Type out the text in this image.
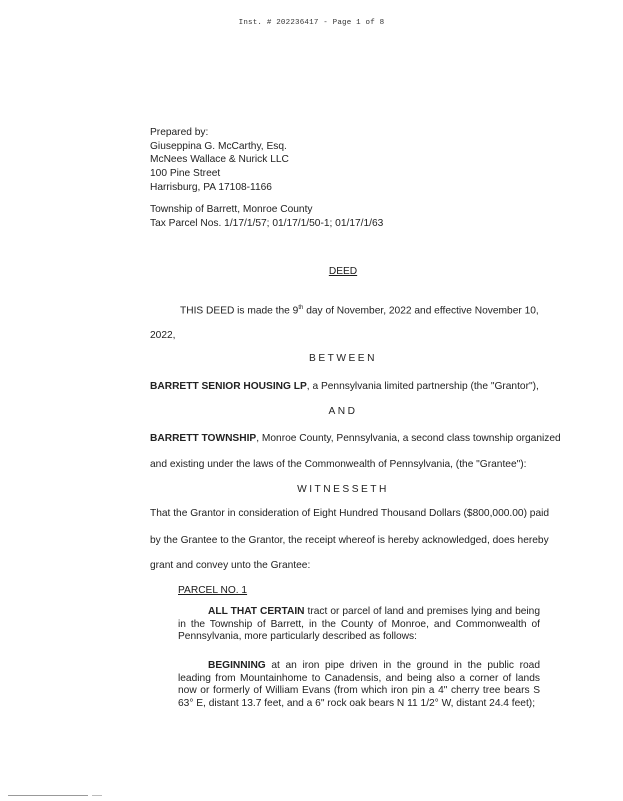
Inst. # 202236417 - Page 1 of 8
Prepared by:
Giuseppina G. McCarthy, Esq.
McNees Wallace & Nurick LLC
100 Pine Street
Harrisburg, PA 17108-1166
Township of Barrett, Monroe County
Tax Parcel Nos. 1/17/1/57; 01/17/1/50-1; 01/17/1/63
DEED
THIS DEED is made the 9th day of November, 2022 and effective November 10,
2022,
BETWEEN
BARRETT SENIOR HOUSING LP, a Pennsylvania limited partnership (the "Grantor"),
AND
BARRETT TOWNSHIP, Monroe County, Pennsylvania, a second class township organized
and existing under the laws of the Commonwealth of Pennsylvania, (the "Grantee"):
WITNESSETH
That the Grantor in consideration of Eight Hundred Thousand Dollars ($800,000.00) paid
by the Grantee to the Grantor, the receipt whereof is hereby acknowledged, does hereby
grant and convey unto the Grantee:
PARCEL NO. 1
ALL THAT CERTAIN tract or parcel of land and premises lying and being in the Township of Barrett, in the County of Monroe, and Commonwealth of Pennsylvania, more particularly described as follows:
BEGINNING at an iron pipe driven in the ground in the public road leading from Mountainhome to Canadensis, and being also a corner of lands now or formerly of William Evans (from which iron pin a 4" cherry tree bears S 63° E, distant 13.7 feet, and a 6" rock oak bears N 11 1/2° W, distant 24.4 feet);
